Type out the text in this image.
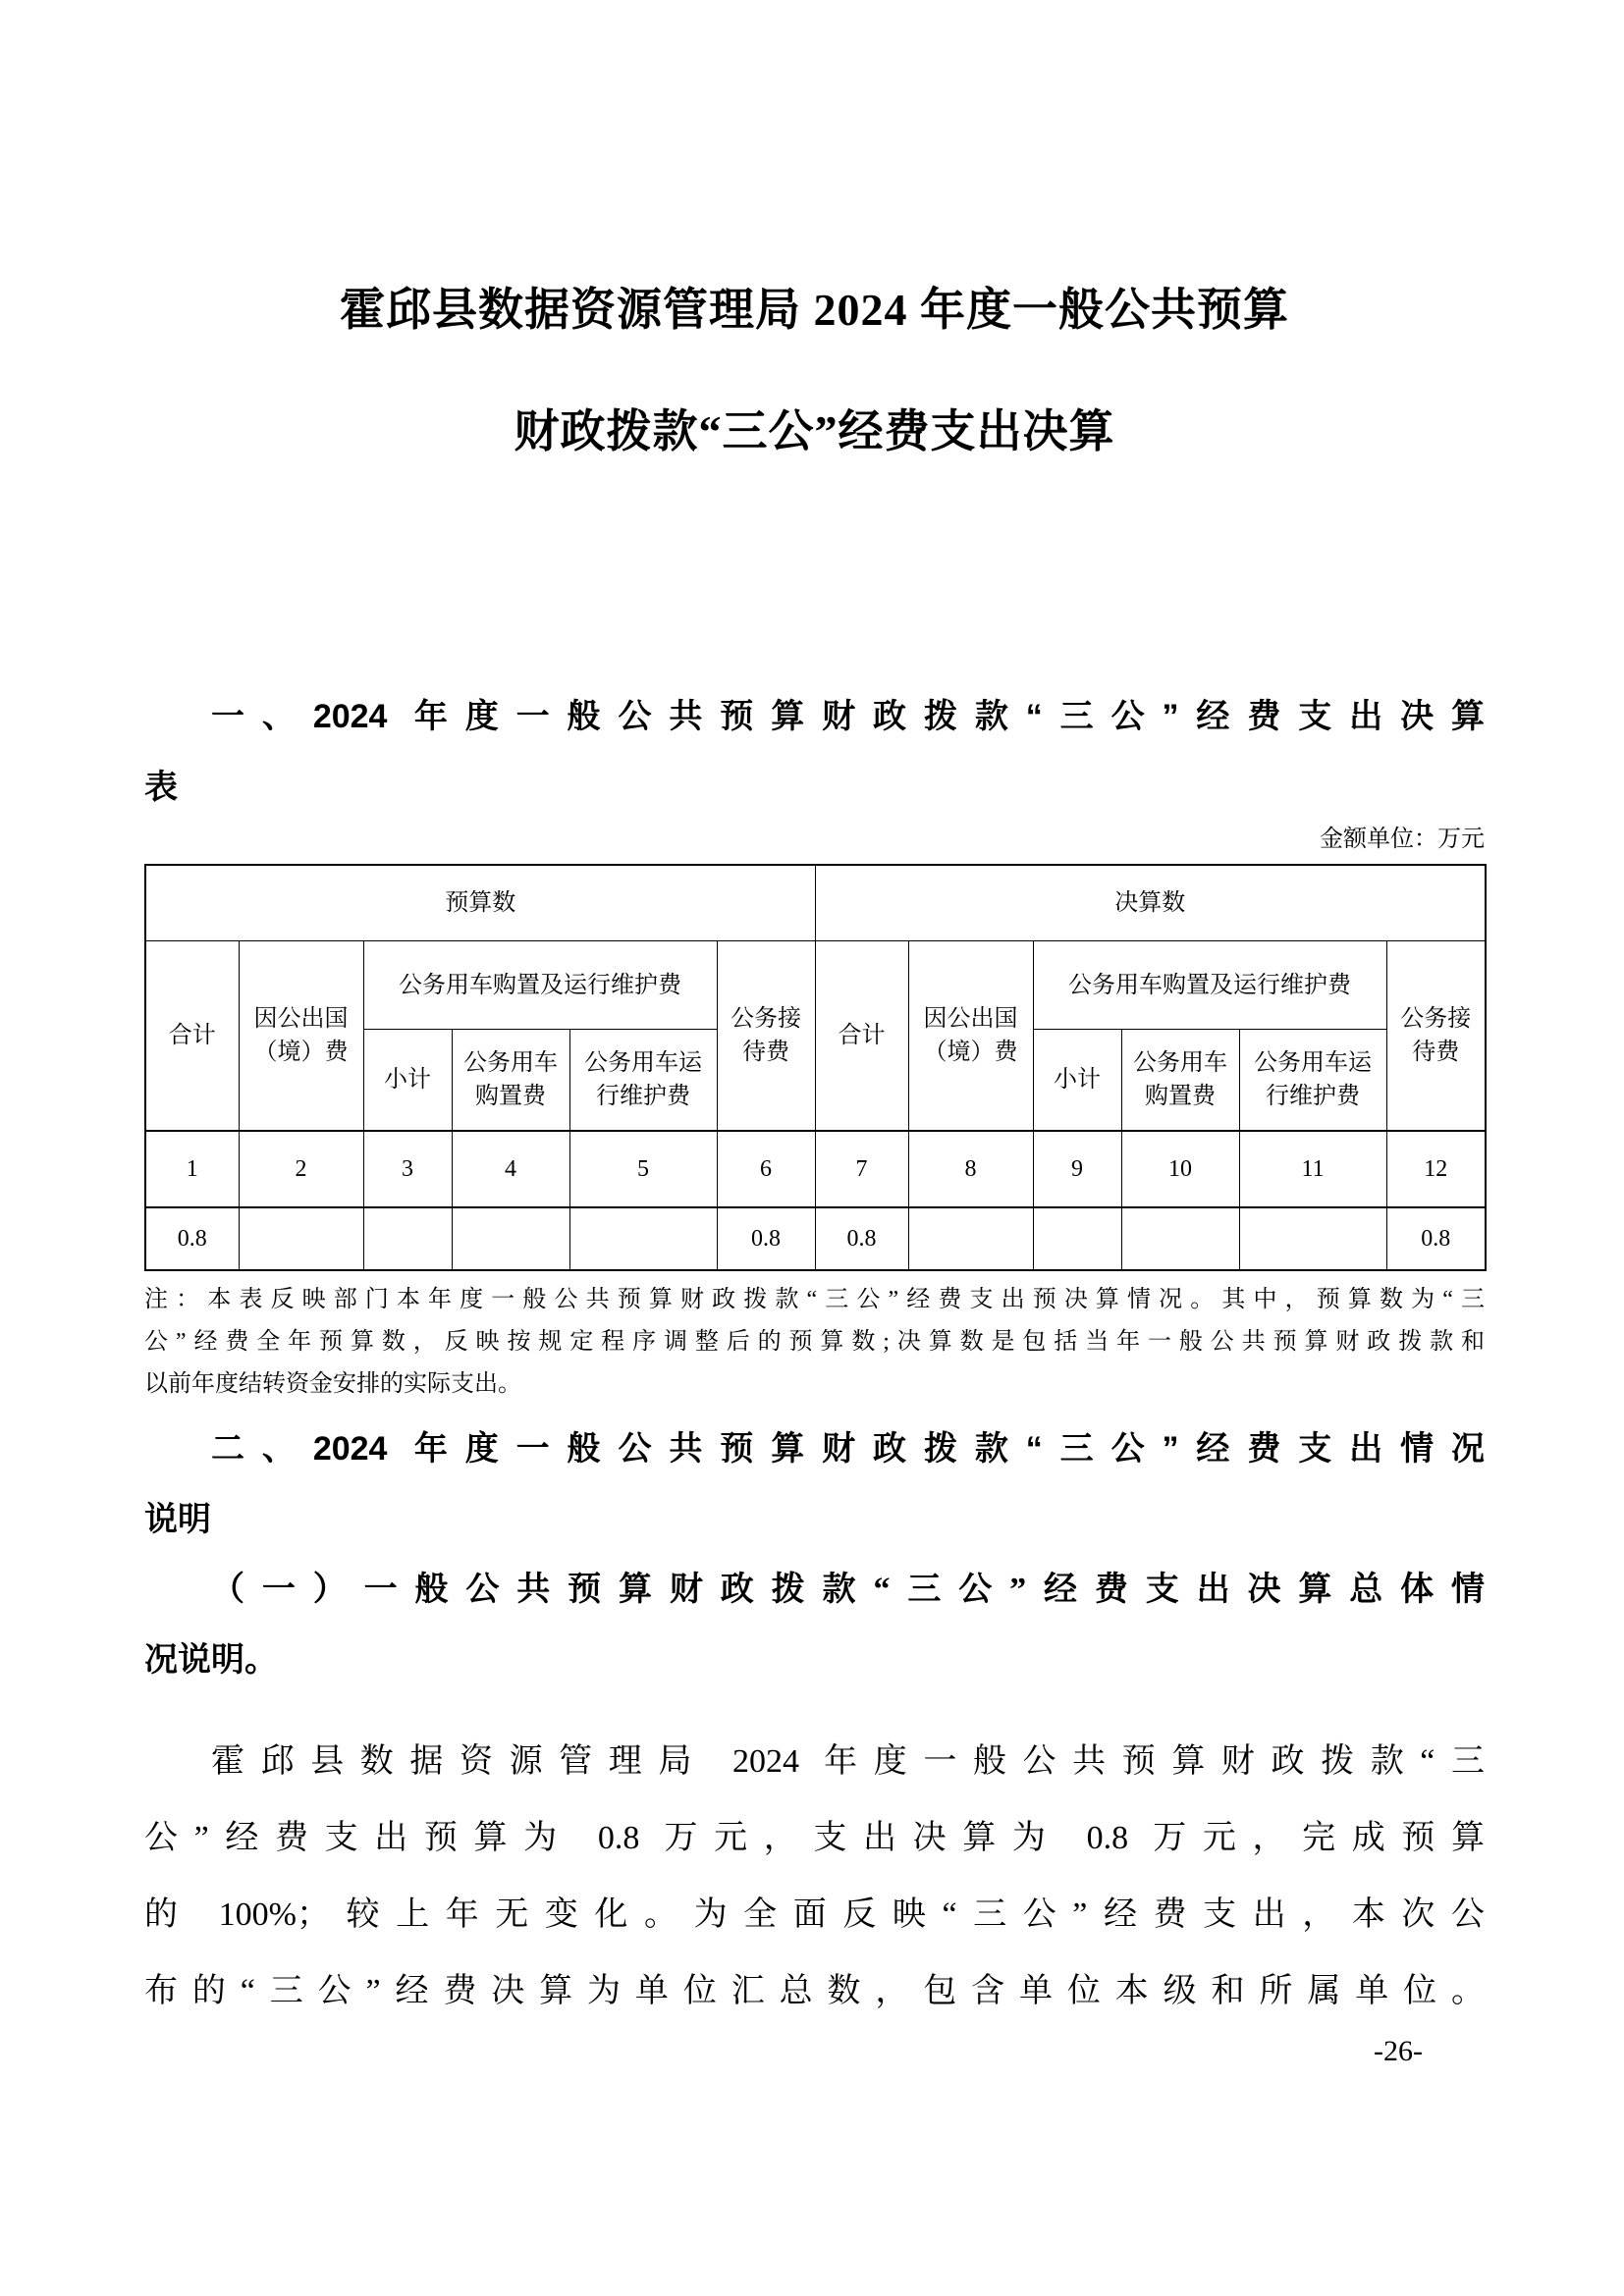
霍邱县数据资源管理局 2024 年度一般公共预算
财政拨款“三公”经费支出决算
一、2024 年度一般公共预算财政拨款“三公”经费支出决算
表
金额单位：万元
预算数						决算数					
合计	因公出国（境）费	公务用车购置及运行维护费			公务接待费	合计	因公出国（境）费	公务用车购置及运行维护费			公务接待费
		小计	公务用车购置费	公务用车运行维护费				小计	公务用车购置费	公务用车运行维护费	
1	2	3	4	5	6	7	8	9	10	11	12
0.8					0.8	0.8					0.8
注：本表反映部门本年度一般公共预算财政拨款“三公”经费支出预决算情况。其中，预算数为“三
公”经费全年预算数，反映按规定程序调整后的预算数;决算数是包括当年一般公共预算财政拨款和
以前年度结转资金安排的实际支出。
二、2024 年度一般公共预算财政拨款“三公”经费支出情况
说明
（一）一般公共预算财政拨款“三公”经费支出决算总体情
况说明。
霍邱县数据资源管理局 2024 年度一般公共预算财政拨款“三
公”经费支出预算为 0.8 万元，支出决算为 0.8 万元，完成预算
的 100%；较上年无变化。为全面反映“三公”经费支出，本次公
布的“三公”经费决算为单位汇总数，包含单位本级和所属单位。
-26-
